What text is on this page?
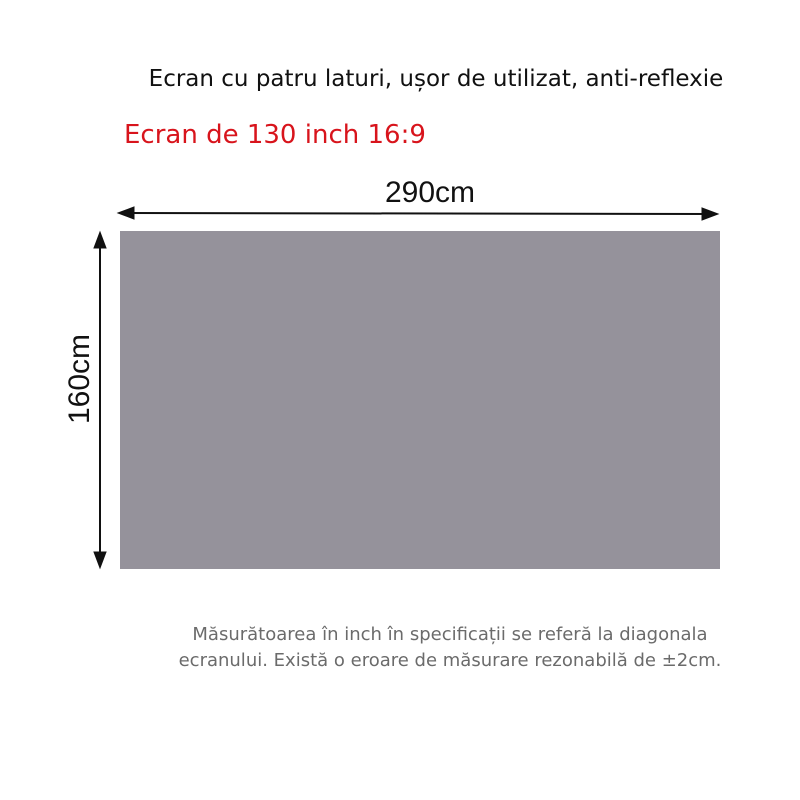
Ecran cu patru laturi, ușor de utilizat, anti-reflexie
Ecran de 130 inch 16:9
290cm
160cm
Măsurătoarea în inch în specificații se referă la diagonala
ecranului. Există o eroare de măsurare rezonabilă de ±2cm.
